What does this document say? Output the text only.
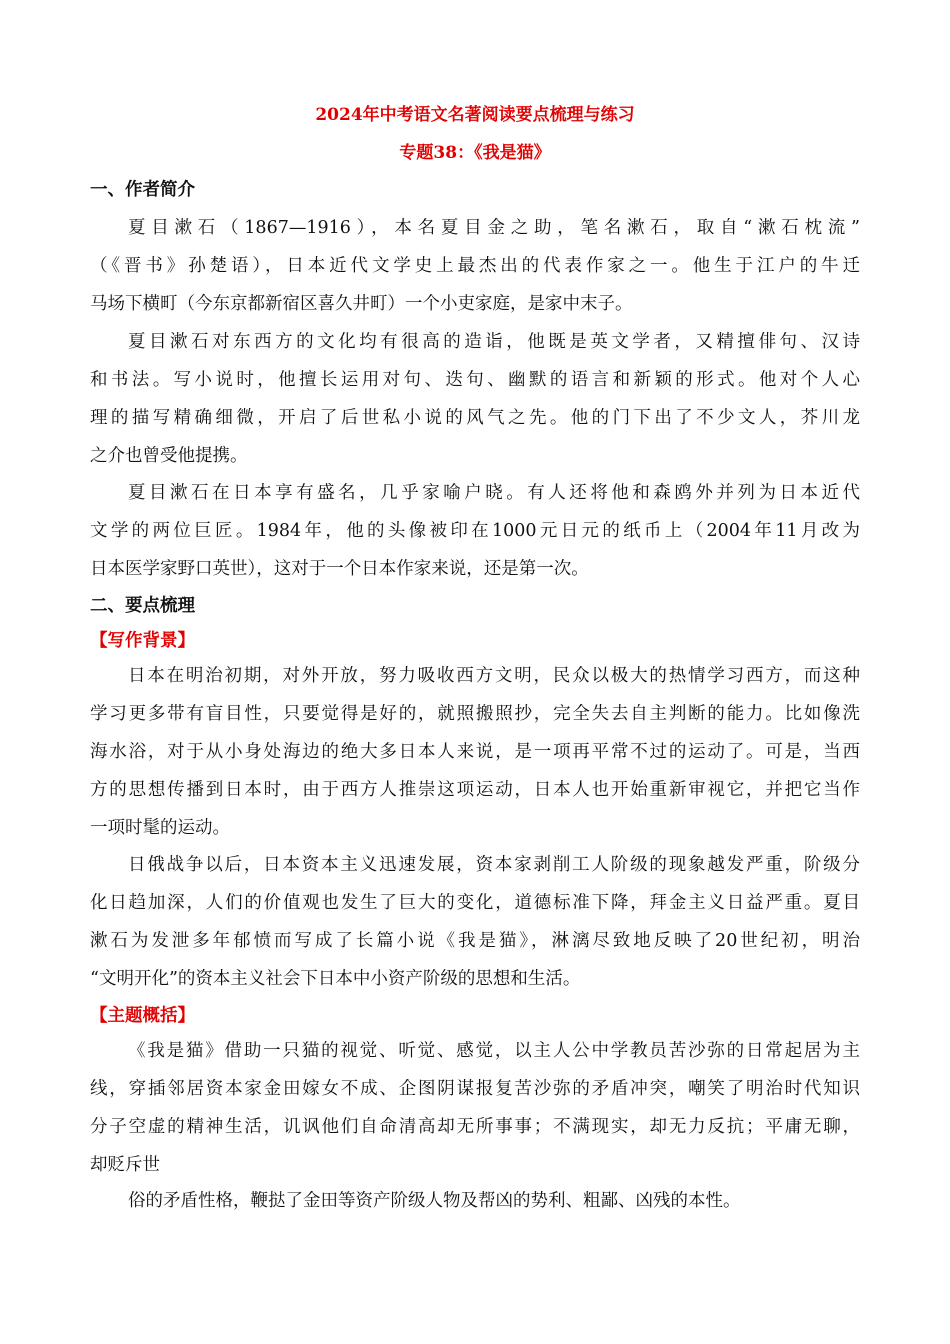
2024年中考语文名著阅读要点梳理与练习
专题38：《我是猫》
一、作者简介
夏目漱石（1867—1916），本名夏目金之助，笔名漱石，取自“漱石枕流”
（《晋书》孙楚语），日本近代文学史上最杰出的代表作家之一。他生于江户的牛迁
马场下横町（今东京都新宿区喜久井町）一个小吏家庭，是家中末子。
夏目漱石对东西方的文化均有很高的造诣，他既是英文学者，又精擅俳句、汉诗
和书法。写小说时，他擅长运用对句、迭句、幽默的语言和新颖的形式。他对个人心
理的描写精确细微，开启了后世私小说的风气之先。他的门下出了不少文人，芥川龙
之介也曾受他提携。
夏目漱石在日本享有盛名，几乎家喻户晓。有人还将他和森鸥外并列为日本近代
文学的两位巨匠。1984年，他的头像被印在1000元日元的纸币上（2004年11月改为
日本医学家野口英世），这对于一个日本作家来说，还是第一次。
二、要点梳理
【写作背景】
日本在明治初期，对外开放，努力吸收西方文明，民众以极大的热情学习西方，而这种
学习更多带有盲目性，只要觉得是好的，就照搬照抄，完全失去自主判断的能力。比如像洗
海水浴，对于从小身处海边的绝大多日本人来说，是一项再平常不过的运动了。可是，当西
方的思想传播到日本时，由于西方人推崇这项运动，日本人也开始重新审视它，并把它当作
一项时髦的运动。
日俄战争以后，日本资本主义迅速发展，资本家剥削工人阶级的现象越发严重，阶级分
化日趋加深，人们的价值观也发生了巨大的变化，道德标准下降，拜金主义日益严重。夏目
漱石为发泄多年郁愤而写成了长篇小说《我是猫》，淋漓尽致地反映了20世纪初，明治
“文明开化”的资本主义社会下日本中小资产阶级的思想和生活。
【主题概括】
《我是猫》借助一只猫的视觉、听觉、感觉，以主人公中学教员苦沙弥的日常起居为主
线，穿插邻居资本家金田嫁女不成、企图阴谋报复苦沙弥的矛盾冲突，嘲笑了明治时代知识
分子空虚的精神生活，讥讽他们自命清高却无所事事；不满现实，却无力反抗；平庸无聊，
却贬斥世
俗的矛盾性格，鞭挞了金田等资产阶级人物及帮凶的势利、粗鄙、凶残的本性。
